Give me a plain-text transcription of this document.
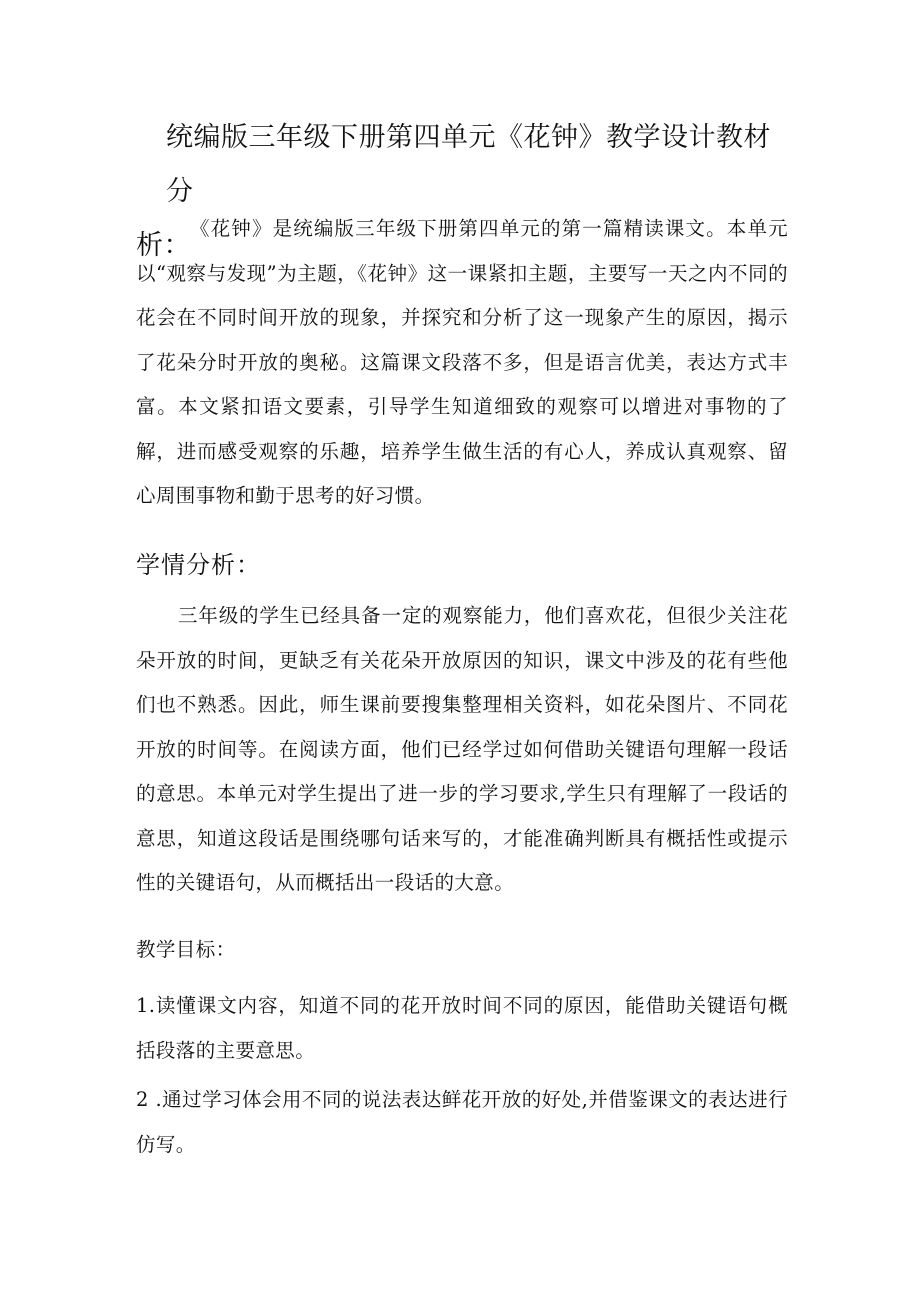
统编版三年级下册第四单元《花钟》教学设计教材分
析：

《花钟》是统编版三年级下册第四单元的第一篇精读课文。本单元以“观察与发现”为主题，《花钟》这一课紧扣主题，主要写一天之内不同的花会在不同时间开放的现象，并探究和分析了这一现象产生的原因，揭示了花朵分时开放的奥秘。这篇课文段落不多，但是语言优美，表达方式丰富。本文紧扣语文要素，引导学生知道细致的观察可以增进对事物的了解，进而感受观察的乐趣，培养学生做生活的有心人，养成认真观察、留心周围事物和勤于思考的好习惯。

学情分析：

三年级的学生已经具备一定的观察能力，他们喜欢花，但很少关注花朵开放的时间，更缺乏有关花朵开放原因的知识，课文中涉及的花有些他们也不熟悉。因此，师生课前要搜集整理相关资料，如花朵图片、不同花开放的时间等。在阅读方面，他们已经学过如何借助关键语句理解一段话的意思。本单元对学生提出了进一步的学习要求,学生只有理解了一段话的意思，知道这段话是围绕哪句话来写的，才能准确判断具有概括性或提示性的关键语句，从而概括出一段话的大意。

教学目标：

1.读懂课文内容，知道不同的花开放时间不同的原因，能借助关键语句概括段落的主要意思。

2 .通过学习体会用不同的说法表达鲜花开放的好处,并借鉴课文的表达进行仿写。
